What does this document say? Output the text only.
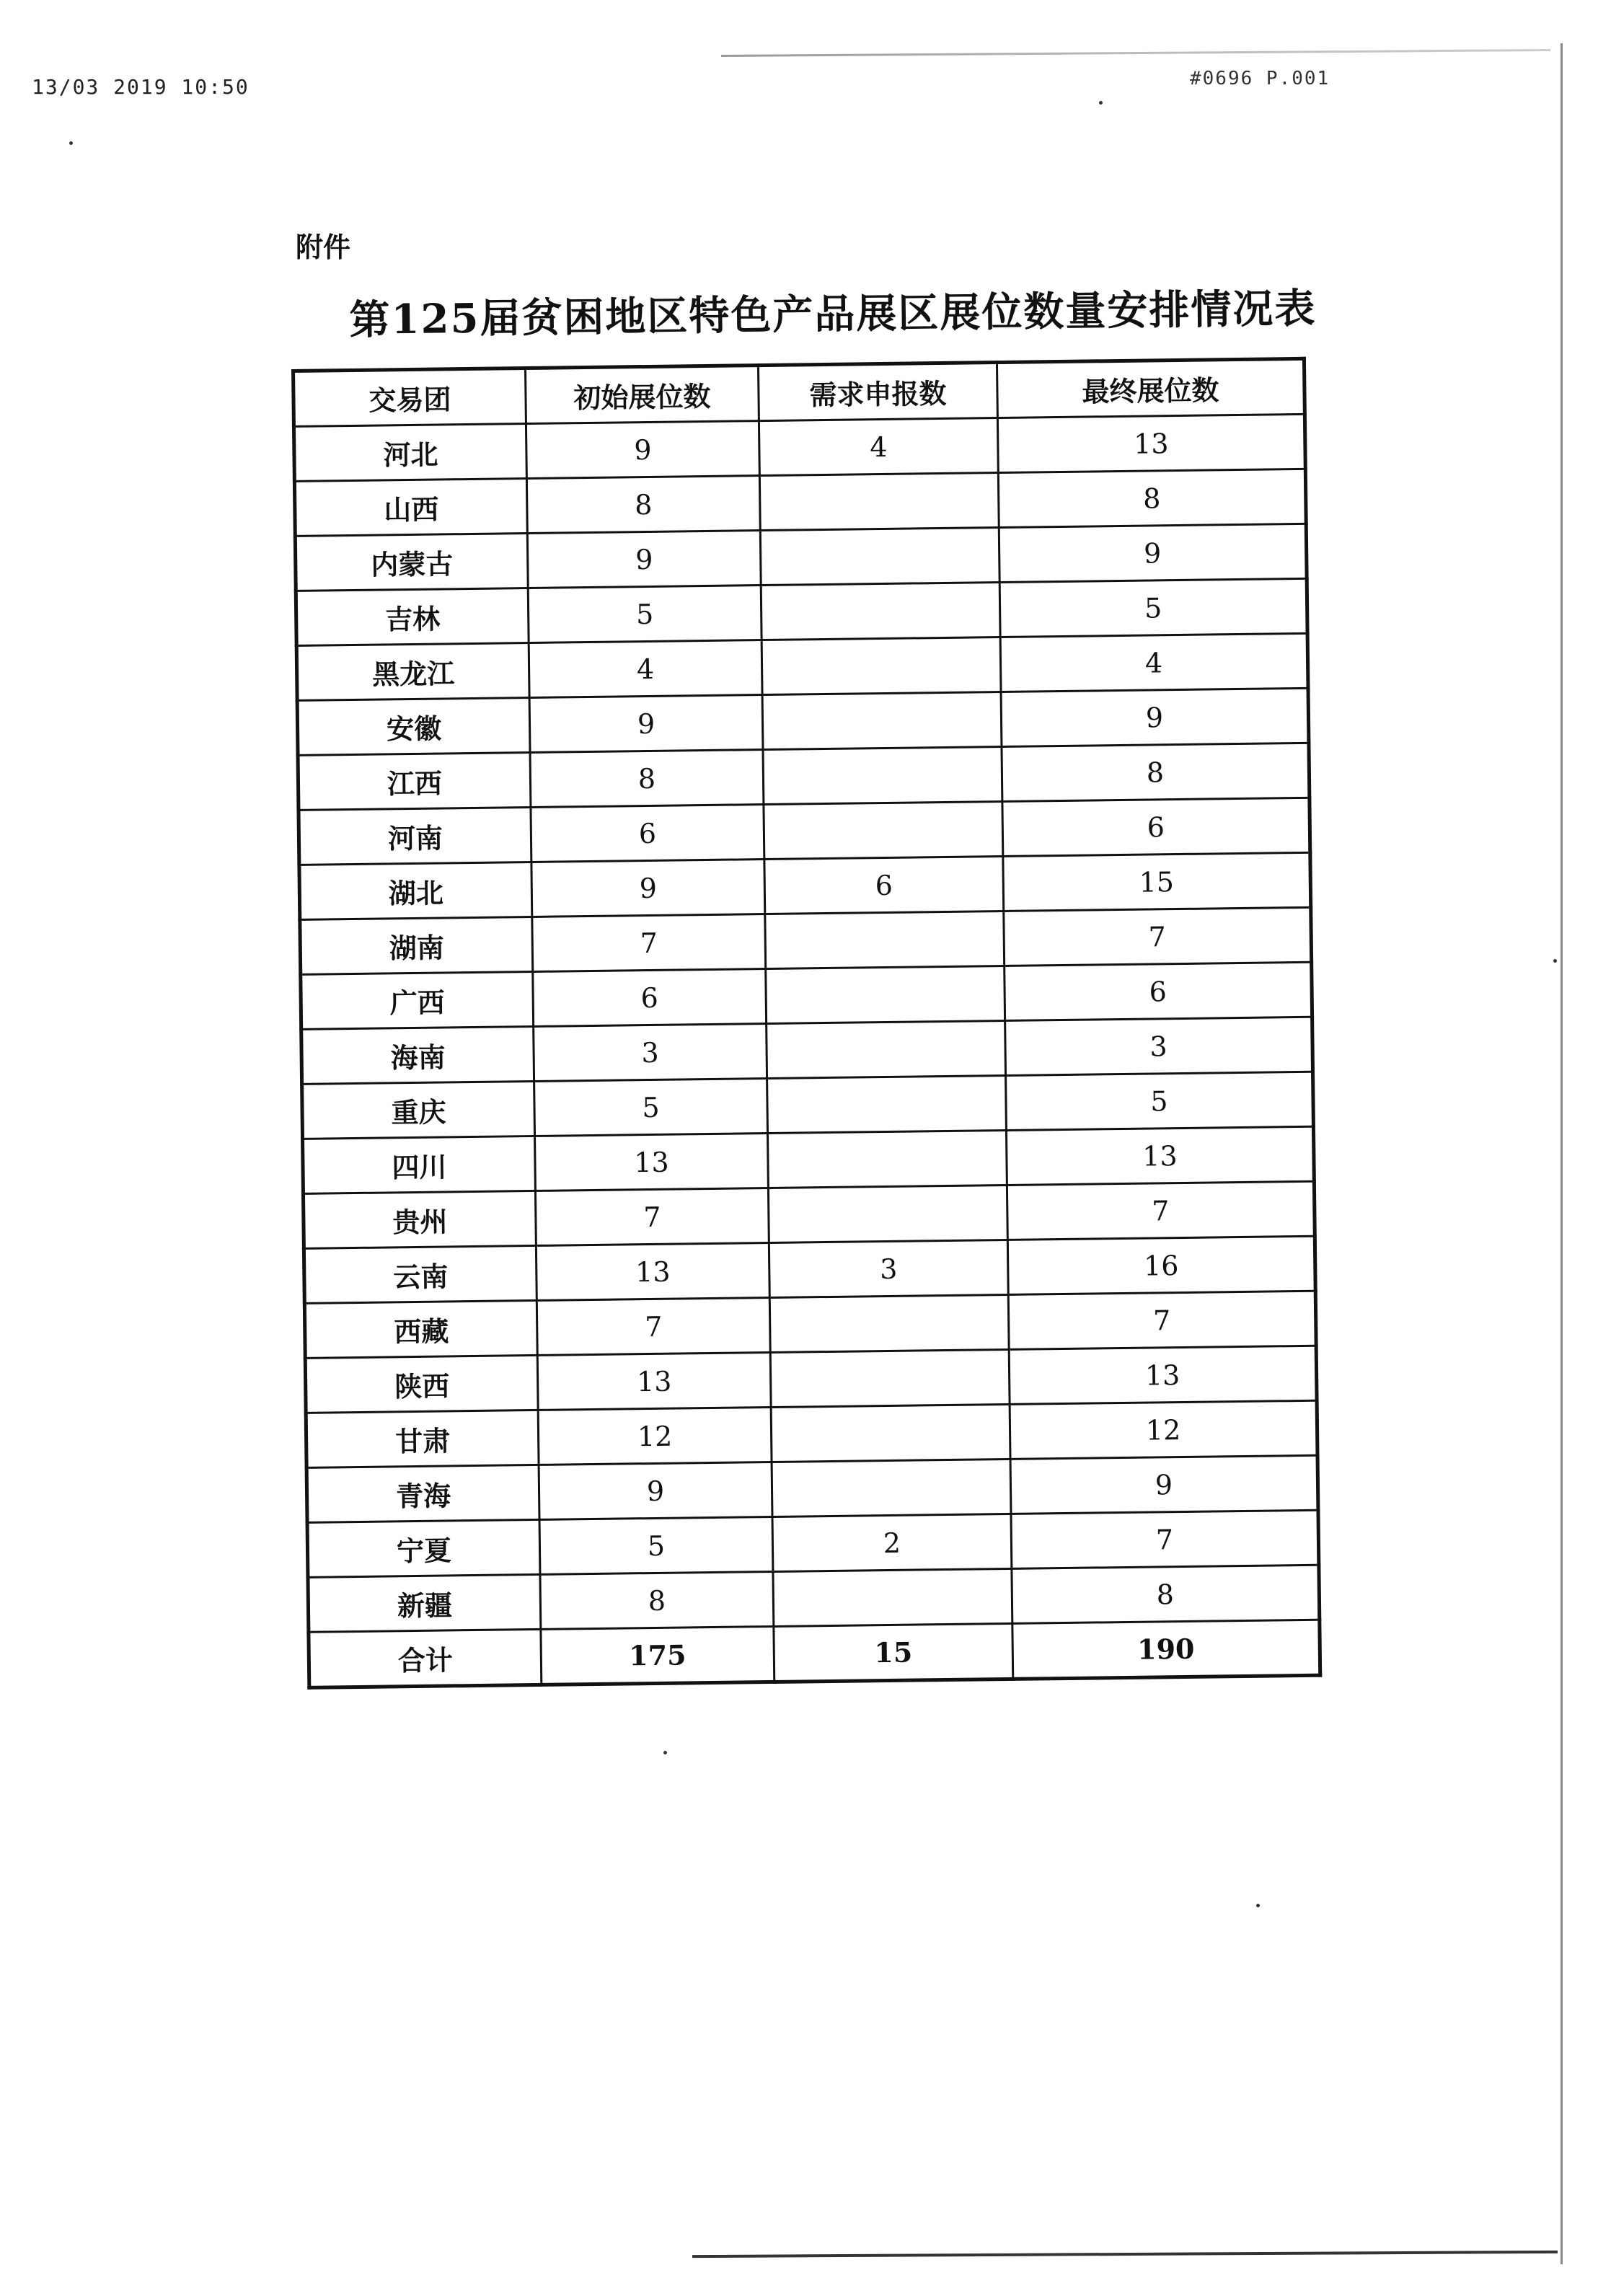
13/03 2019 10:50	#0696 P.001
附件
第125届贫困地区特色产品展区展位数量安排情况表
交易团	初始展位数	需求申报数	最终展位数
河北	9	4	13
山西	8		8
内蒙古	9		9
吉林	5		5
黑龙江	4		4
安徽	9		9
江西	8		8
河南	6		6
湖北	9	6	15
湖南	7		7
广西	6		6
海南	3		3
重庆	5		5
四川	13		13
贵州	7		7
云南	13	3	16
西藏	7		7
陕西	13		13
甘肃	12		12
青海	9		9
宁夏	5	2	7
新疆	8		8
合计	175	15	190
